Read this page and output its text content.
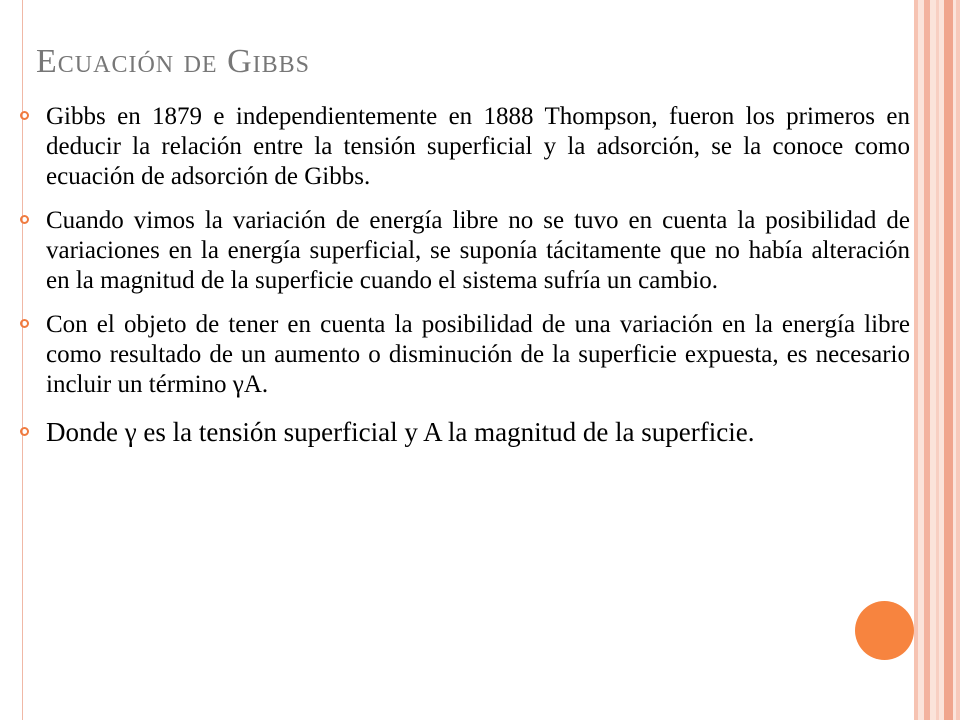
Ecuación de Gibbs
Gibbs en 1879 e independientemente en 1888 Thompson, fueron los primeros en deducir la relación entre la tensión superficial y la adsorción, se la conoce como ecuación de adsorción de Gibbs.
Cuando vimos la variación de energía libre no se tuvo en cuenta la posibilidad de variaciones en la energía superficial, se suponía tácitamente que no había alteración en la magnitud de la superficie cuando el sistema sufría un cambio.
Con el objeto de tener en cuenta la posibilidad de una variación en la energía libre como resultado de un aumento o disminución de la superficie expuesta, es necesario incluir un término γA.
Donde γ es la tensión superficial y A la magnitud de la superficie.
